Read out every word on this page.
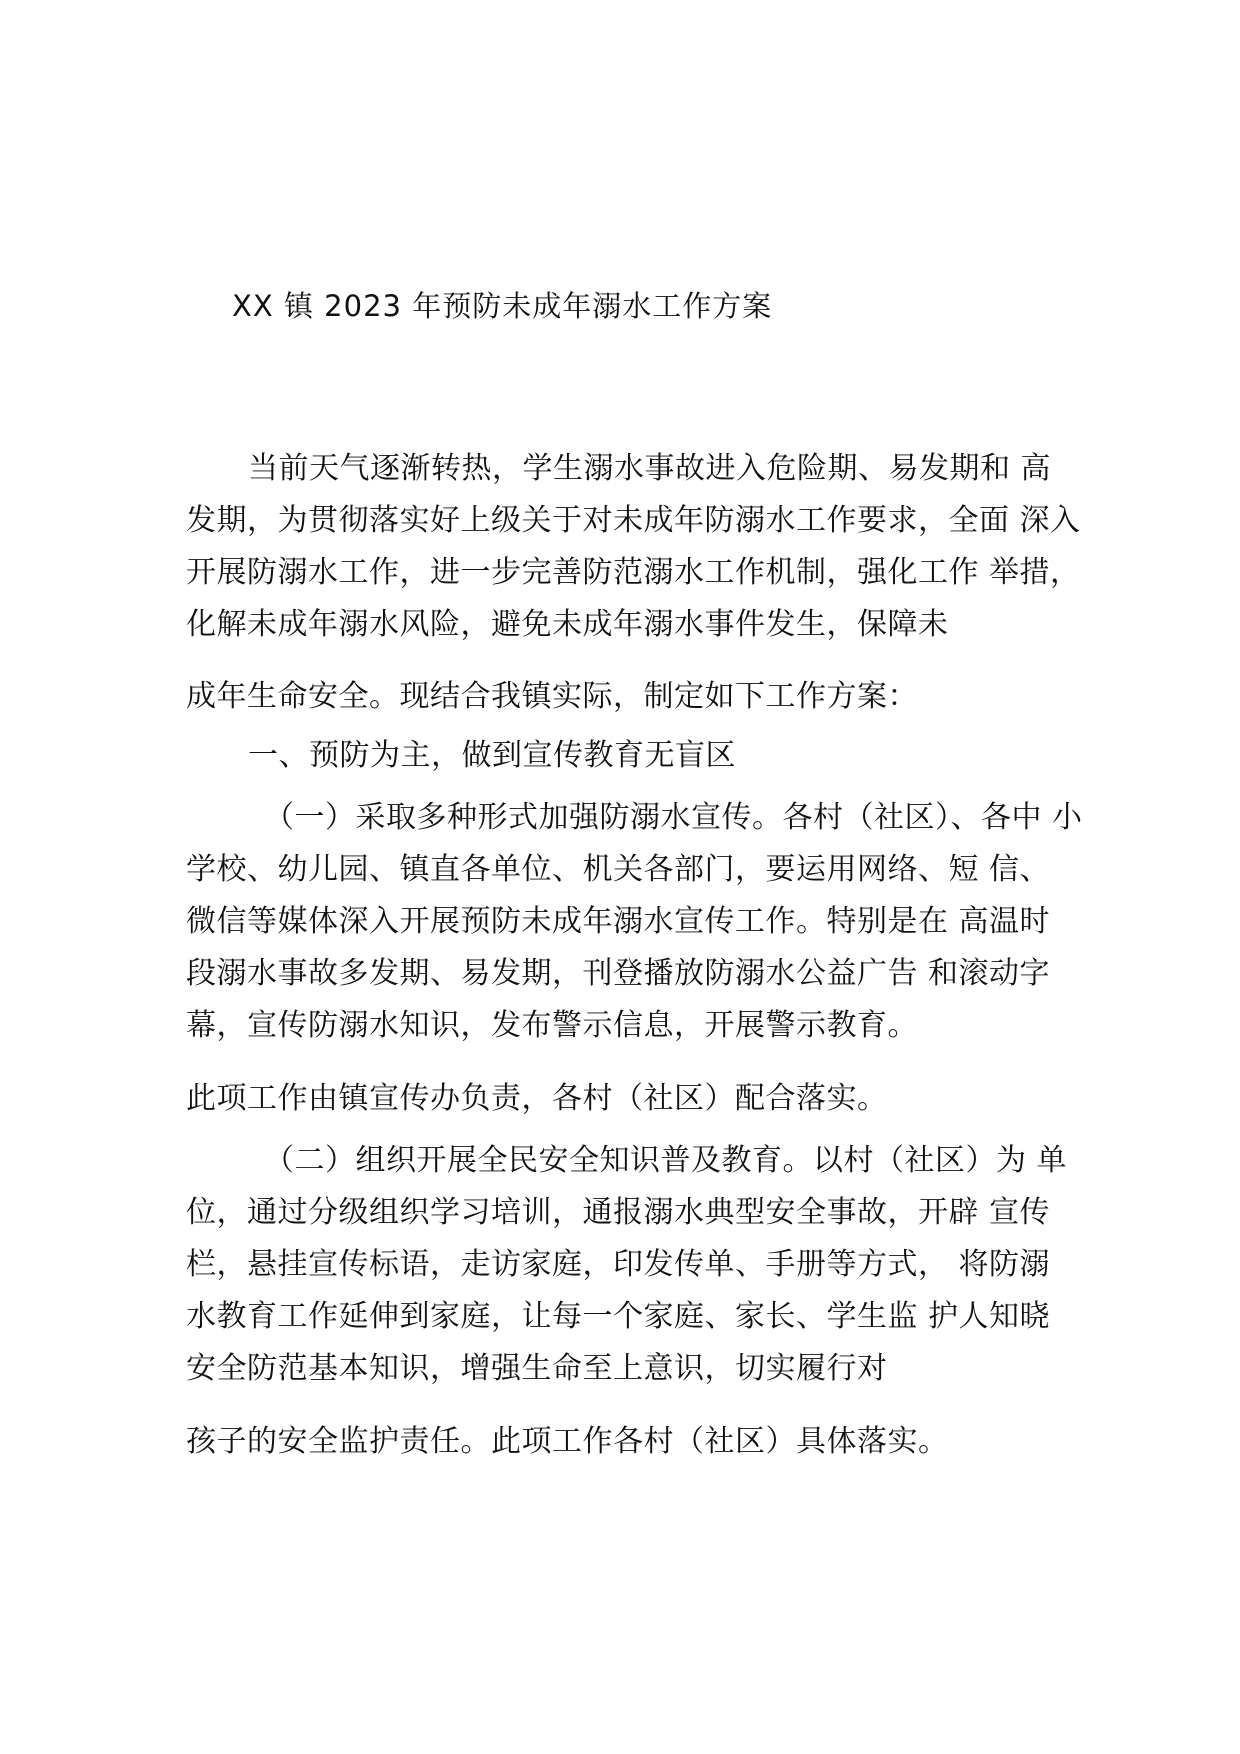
XX 镇 2023 年预防未成年溺水工作方案
当前天气逐渐转热，学生溺水事故进入危险期、易发期和 高
发期，为贯彻落实好上级关于对未成年防溺水工作要求，全面 深入
开展防溺水工作，进一步完善防范溺水工作机制，强化工作 举措，
化解未成年溺水风险，避免未成年溺水事件发生，保障未
成年生命安全。现结合我镇实际，制定如下工作方案：
一、预防为主，做到宣传教育无盲区
（一）采取多种形式加强防溺水宣传。各村（社区）、各中 小
学校、幼儿园、镇直各单位、机关各部门，要运用网络、短 信、
微信等媒体深入开展预防未成年溺水宣传工作。特别是在 高温时
段溺水事故多发期、易发期，刊登播放防溺水公益广告 和滚动字
幕，宣传防溺水知识，发布警示信息，开展警示教育。
此项工作由镇宣传办负责，各村（社区）配合落实。
（二）组织开展全民安全知识普及教育。以村（社区）为 单
位，通过分级组织学习培训，通报溺水典型安全事故，开辟 宣传
栏，悬挂宣传标语，走访家庭，印发传单、手册等方式， 将防溺
水教育工作延伸到家庭，让每一个家庭、家长、学生监 护人知晓
安全防范基本知识，增强生命至上意识，切实履行对
孩子的安全监护责任。此项工作各村（社区）具体落实。
